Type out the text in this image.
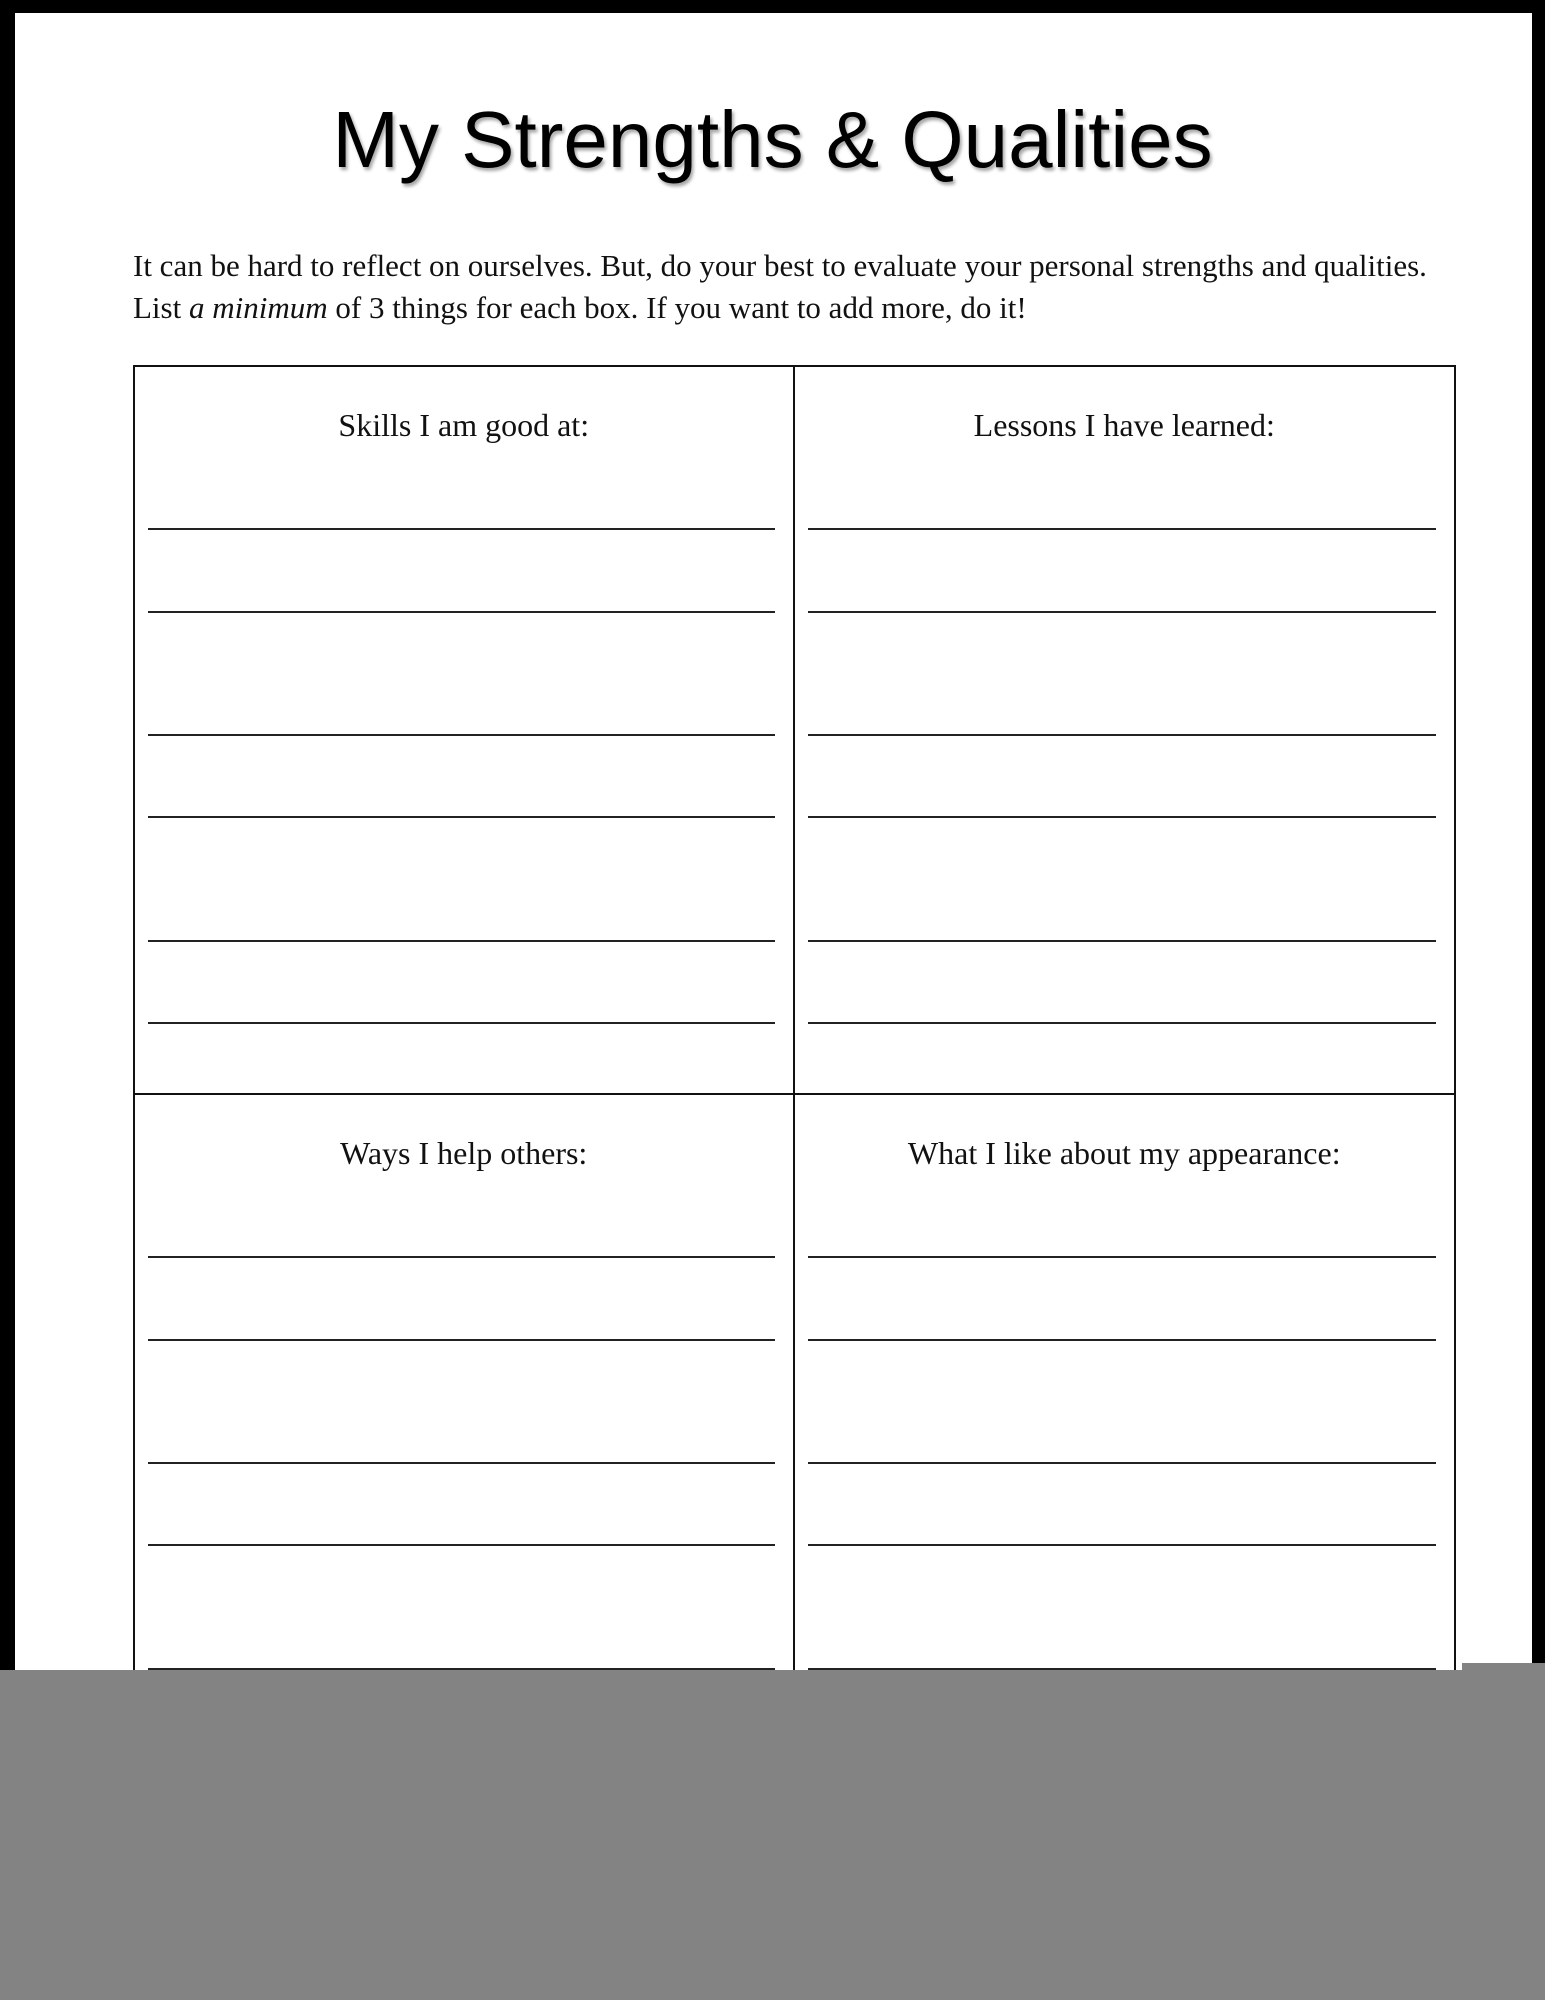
My Strengths & Qualities

It can be hard to reflect on ourselves. But, do your best to evaluate your personal strengths and qualities. List a minimum of 3 things for each box. If you want to add more, do it!

Skills I am good at:	Lessons I have learned:
Ways I help others:	What I like about my appearance:
